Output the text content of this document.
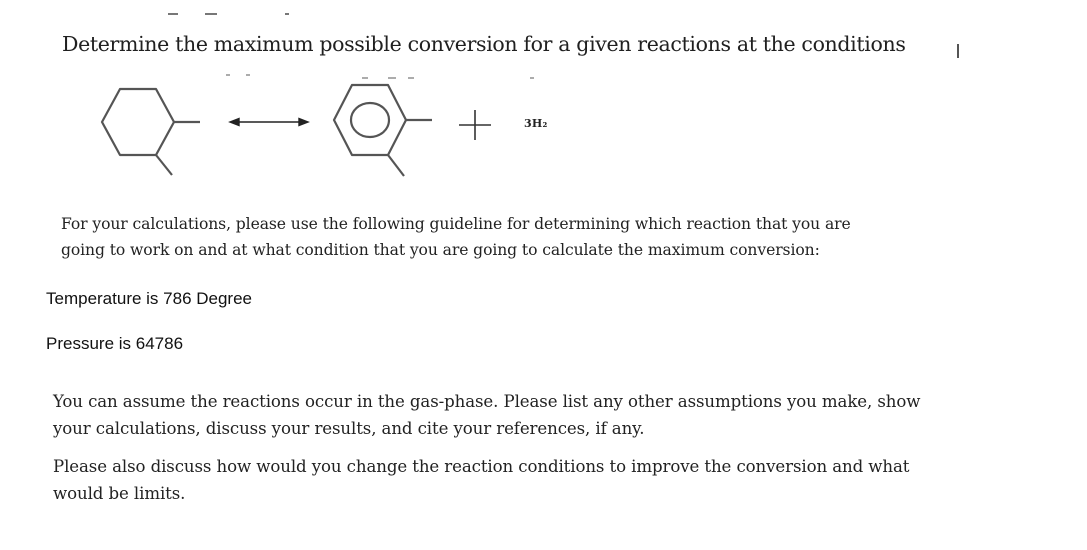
Determine the maximum possible conversion for a given reactions at the conditions
3H₂
For your calculations, please use the following guideline for determining which reaction that you are
going to work on and at what condition that you are going to calculate the maximum conversion:
Temperature is 786 Degree
Pressure is 64786
You can assume the reactions occur in the gas-phase. Please list any other assumptions you make, show
your calculations, discuss your results, and cite your references, if any.
Please also discuss how would you change the reaction conditions to improve the conversion and what
would be limits.
